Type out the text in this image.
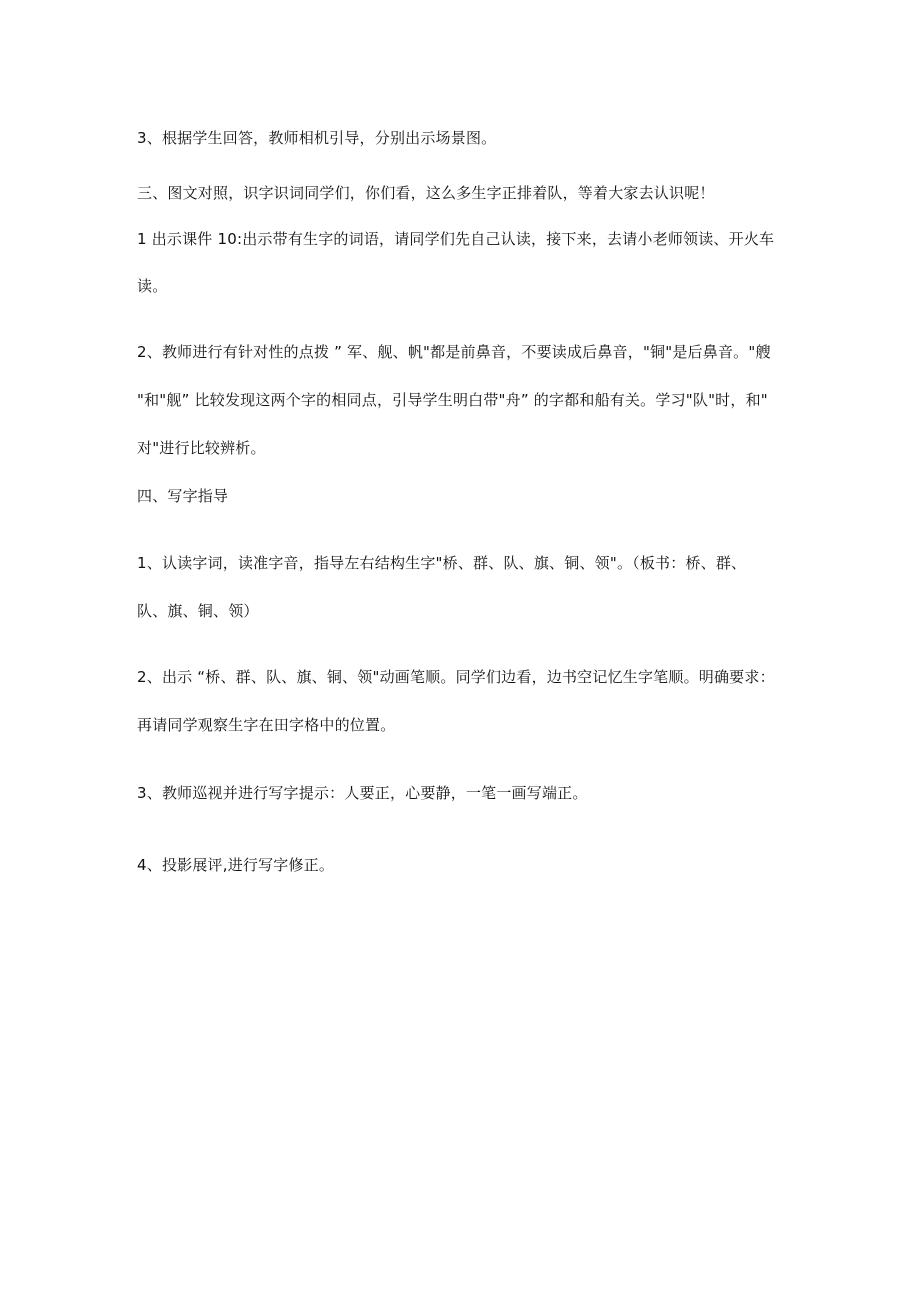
3、根据学生回答，教师相机引导，分别出示场景图。
三、图文对照，识字识词同学们，你们看，这么多生字正排着队，等着大家去认识呢！
1 出示课件 10:出示带有生字的词语，请同学们先自己认读，接下来，去请小老师领读、开火车
读。
2、教师进行有针对性的点拨 ” 军、舰、帆"都是前鼻音，不要读成后鼻音，"铜"是后鼻音。"艘
"和"舰” 比较发现这两个字的相同点，引导学生明白带"舟” 的字都和船有关。学习"队"时，和"
对"进行比较辨析。
四、写字指导
1、认读字词，读准字音，指导左右结构生字"桥、群、队、旗、铜、领"。（板书：桥、群、
队、旗、铜、领）
2、出示 “桥、群、队、旗、铜、领"动画笔顺。同学们边看，边书空记忆生字笔顺。明确要求：
再请同学观察生字在田字格中的位置。
3、教师巡视并进行写字提示：人要正，心要静，一笔一画写端正。
4、投影展评,进行写字修正。
